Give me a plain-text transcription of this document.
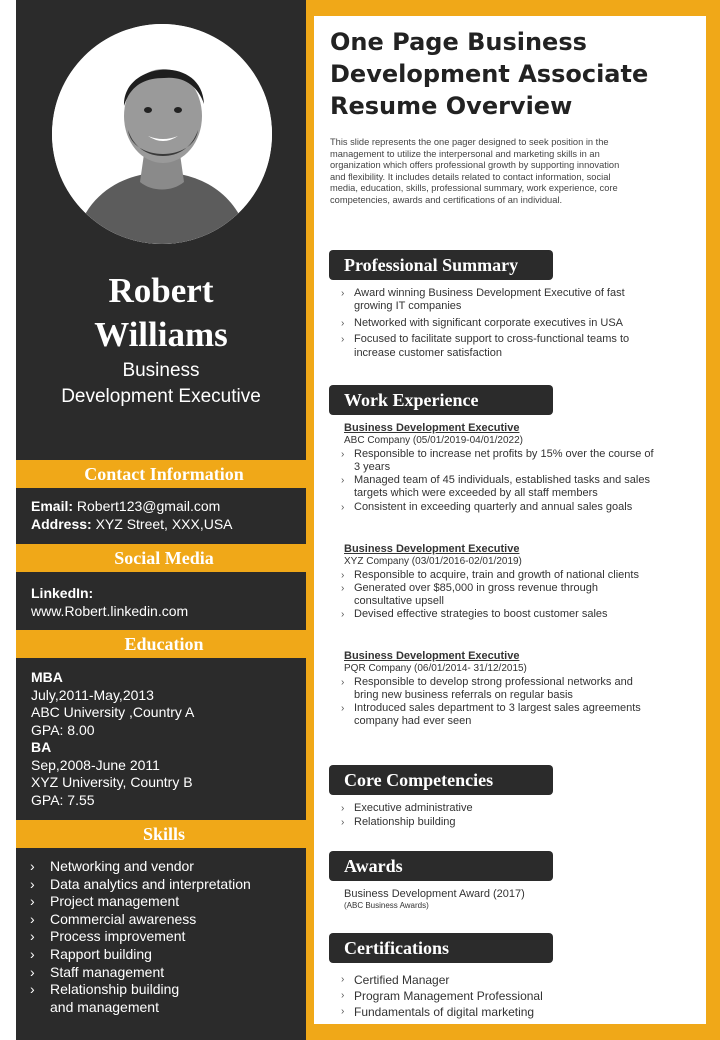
Robert
Williams
Business
Development Executive
Contact Information
Email: Robert123@gmail.com
Address: XYZ Street, XXX,USA
Social Media
LinkedIn:
www.Robert.linkedin.com
Education
MBA
July,2011-May,2013
ABC University ,Country A
GPA: 8.00
BA
Sep,2008-June 2011
XYZ University, Country B
GPA: 7.55
Skills
› Networking and vendor
› Data analytics and interpretation
› Project management
› Commercial awareness
› Process improvement
› Rapport building
› Staff management
› Relationship building
and management
One Page Business
Development Associate
Resume Overview
This slide represents the one pager designed to seek position in the
management to utilize the interpersonal and marketing skills in an
organization which offers professional growth by supporting innovation
and flexibility. It includes details related to contact information, social
media, education, skills, professional summary, work experience, core
competencies, awards and certifications of an individual.
Professional Summary
› Award winning Business Development Executive of fast
growing IT companies
› Networked with significant corporate executives in USA
› Focused to facilitate support to cross-functional teams to
increase customer satisfaction
Work Experience
Business Development Executive
ABC Company (05/01/2019-04/01/2022)
› Responsible to increase net profits by 15% over the course of
3 years
› Managed team of 45 individuals, established tasks and sales
targets which were exceeded by all staff members
› Consistent in exceeding quarterly and annual sales goals
Business Development Executive
XYZ Company (03/01/2016-02/01/2019)
› Responsible to acquire, train and growth of national clients
› Generated over $85,000 in gross revenue through
consultative upsell
› Devised effective strategies to boost customer sales
Business Development Executive
PQR Company (06/01/2014- 31/12/2015)
› Responsible to develop strong professional networks and
bring new business referrals on regular basis
› Introduced sales department to 3 largest sales agreements
company had ever seen
Core Competencies
› Executive administrative
› Relationship building
Awards
Business Development Award (2017)
(ABC Business Awards)
Certifications
› Certified Manager
› Program Management Professional
› Fundamentals of digital marketing
